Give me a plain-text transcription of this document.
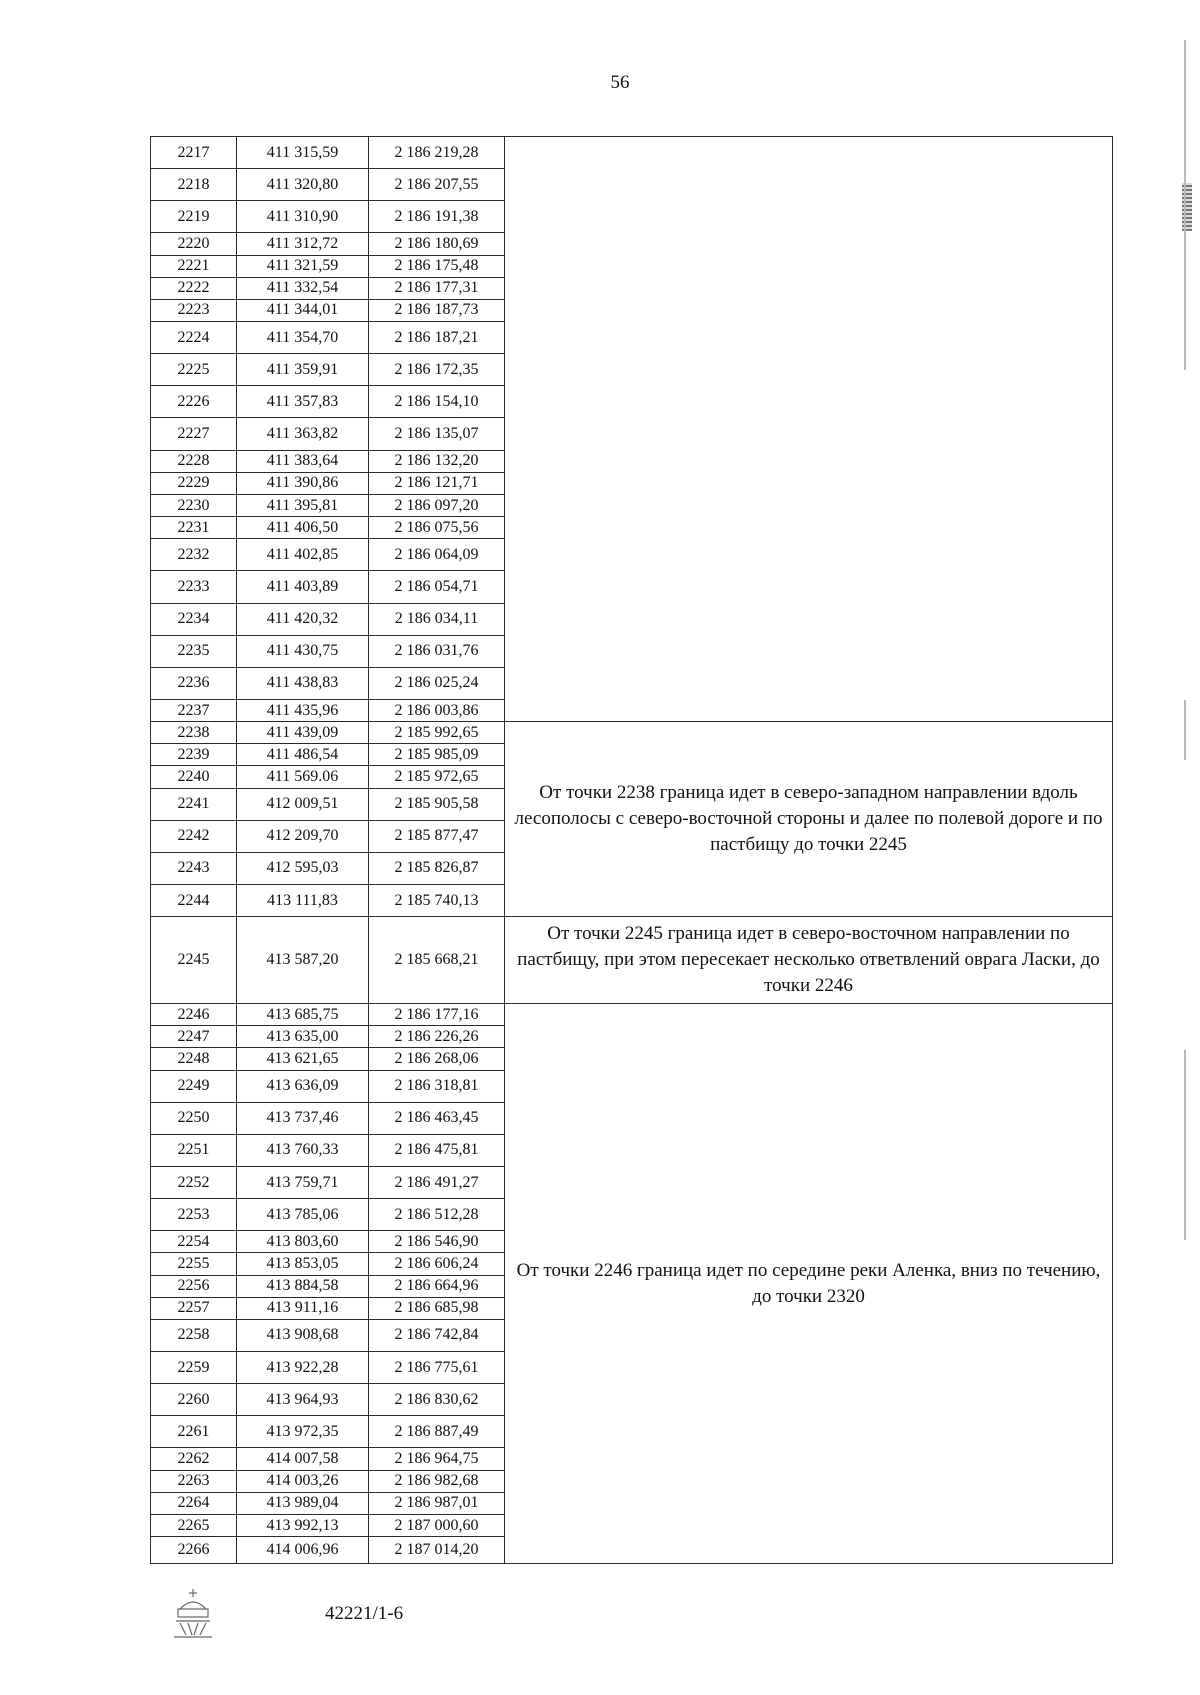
56
2217	411 315,59	2 186 219,28	
2218	411 320,80	2 186 207,55	
2219	411 310,90	2 186 191,38	
2220	411 312,72	2 186 180,69	
2221	411 321,59	2 186 175,48	
2222	411 332,54	2 186 177,31	
2223	411 344,01	2 186 187,73	
2224	411 354,70	2 186 187,21	
2225	411 359,91	2 186 172,35	
2226	411 357,83	2 186 154,10	
2227	411 363,82	2 186 135,07	
2228	411 383,64	2 186 132,20	
2229	411 390,86	2 186 121,71	
2230	411 395,81	2 186 097,20	
2231	411 406,50	2 186 075,56	
2232	411 402,85	2 186 064,09	
2233	411 403,89	2 186 054,71	
2234	411 420,32	2 186 034,11	
2235	411 430,75	2 186 031,76	
2236	411 438,83	2 186 025,24	
2237	411 435,96	2 186 003,86	
2238	411 439,09	2 185 992,65	От точки 2238 граница идет в северо-западном направлении вдоль лесополосы с северо-восточной стороны и далее по полевой дороге и по пастбищу до точки 2245
2239	411 486,54	2 185 985,09	
2240	411 569.06	2 185 972,65	
2241	412 009,51	2 185 905,58	
2242	412 209,70	2 185 877,47	
2243	412 595,03	2 185 826,87	
2244	413 111,83	2 185 740,13	
2245	413 587,20	2 185 668,21	От точки 2245 граница идет в северо-восточном направлении по пастбищу, при этом пересекает несколько ответвлений оврага Ласки, до точки 2246
2246	413 685,75	2 186 177,16	От точки 2246 граница идет по середине реки Аленка, вниз по течению, до точки 2320
2247	413 635,00	2 186 226,26	
2248	413 621,65	2 186 268,06	
2249	413 636,09	2 186 318,81	
2250	413 737,46	2 186 463,45	
2251	413 760,33	2 186 475,81	
2252	413 759,71	2 186 491,27	
2253	413 785,06	2 186 512,28	
2254	413 803,60	2 186 546,90	
2255	413 853,05	2 186 606,24	
2256	413 884,58	2 186 664,96	
2257	413 911,16	2 186 685,98	
2258	413 908,68	2 186 742,84	
2259	413 922,28	2 186 775,61	
2260	413 964,93	2 186 830,62	
2261	413 972,35	2 186 887,49	
2262	414 007,58	2 186 964,75	
2263	414 003,26	2 186 982,68	
2264	413 989,04	2 186 987,01	
2265	413 992,13	2 187 000,60	
2266	414 006,96	2 187 014,20	
42221/1-6
